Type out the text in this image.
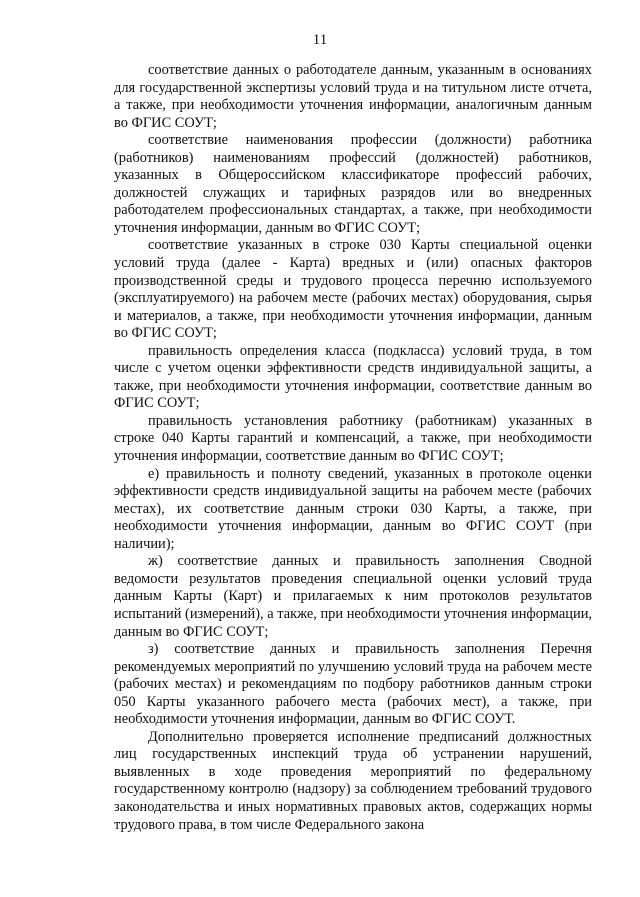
11

соответствие данных о работодателе данным, указанным в основаниях для государственной экспертизы условий труда и на титульном листе отчета, а также, при необходимости уточнения информации, аналогичным данным во ФГИС СОУТ;

соответствие наименования профессии (должности) работника (работников) наименованиям профессий (должностей) работников, указанных в Общероссийском классификаторе профессий рабочих, должностей служащих и тарифных разрядов или во внедренных работодателем профессиональных стандартах, а также, при необходимости уточнения информации, данным во ФГИС СОУТ;

соответствие указанных в строке 030 Карты специальной оценки условий труда (далее - Карта) вредных и (или) опасных факторов производственной среды и трудового процесса перечню используемого (эксплуатируемого) на рабочем месте (рабочих местах) оборудования, сырья и материалов, а также, при необходимости уточнения информации, данным во ФГИС СОУТ;

правильность определения класса (подкласса) условий труда, в том числе с учетом оценки эффективности средств индивидуальной защиты, а также, при необходимости уточнения информации, соответствие данным во ФГИС СОУТ;

правильность установления работнику (работникам) указанных в строке 040 Карты гарантий и компенсаций, а также, при необходимости уточнения информации, соответствие данным во ФГИС СОУТ;

е) правильность и полноту сведений, указанных в протоколе оценки эффективности средств индивидуальной защиты на рабочем месте (рабочих местах), их соответствие данным строки 030 Карты, а также, при необходимости уточнения информации, данным во ФГИС СОУТ (при наличии);

ж) соответствие данных и правильность заполнения Сводной ведомости результатов проведения специальной оценки условий труда данным Карты (Карт) и прилагаемых к ним протоколов результатов испытаний (измерений), а также, при необходимости уточнения информации, данным во ФГИС СОУТ;

з) соответствие данных и правильность заполнения Перечня рекомендуемых мероприятий по улучшению условий труда на рабочем месте (рабочих местах) и рекомендациям по подбору работников данным строки 050 Карты указанного рабочего места (рабочих мест), а также, при необходимости уточнения информации, данным во ФГИС СОУТ.

Дополнительно проверяется исполнение предписаний должностных лиц государственных инспекций труда об устранении нарушений, выявленных в ходе проведения мероприятий по федеральному государственному контролю (надзору) за соблюдением требований трудового законодательства и иных нормативных правовых актов, содержащих нормы трудового права, в том числе Федерального закона
